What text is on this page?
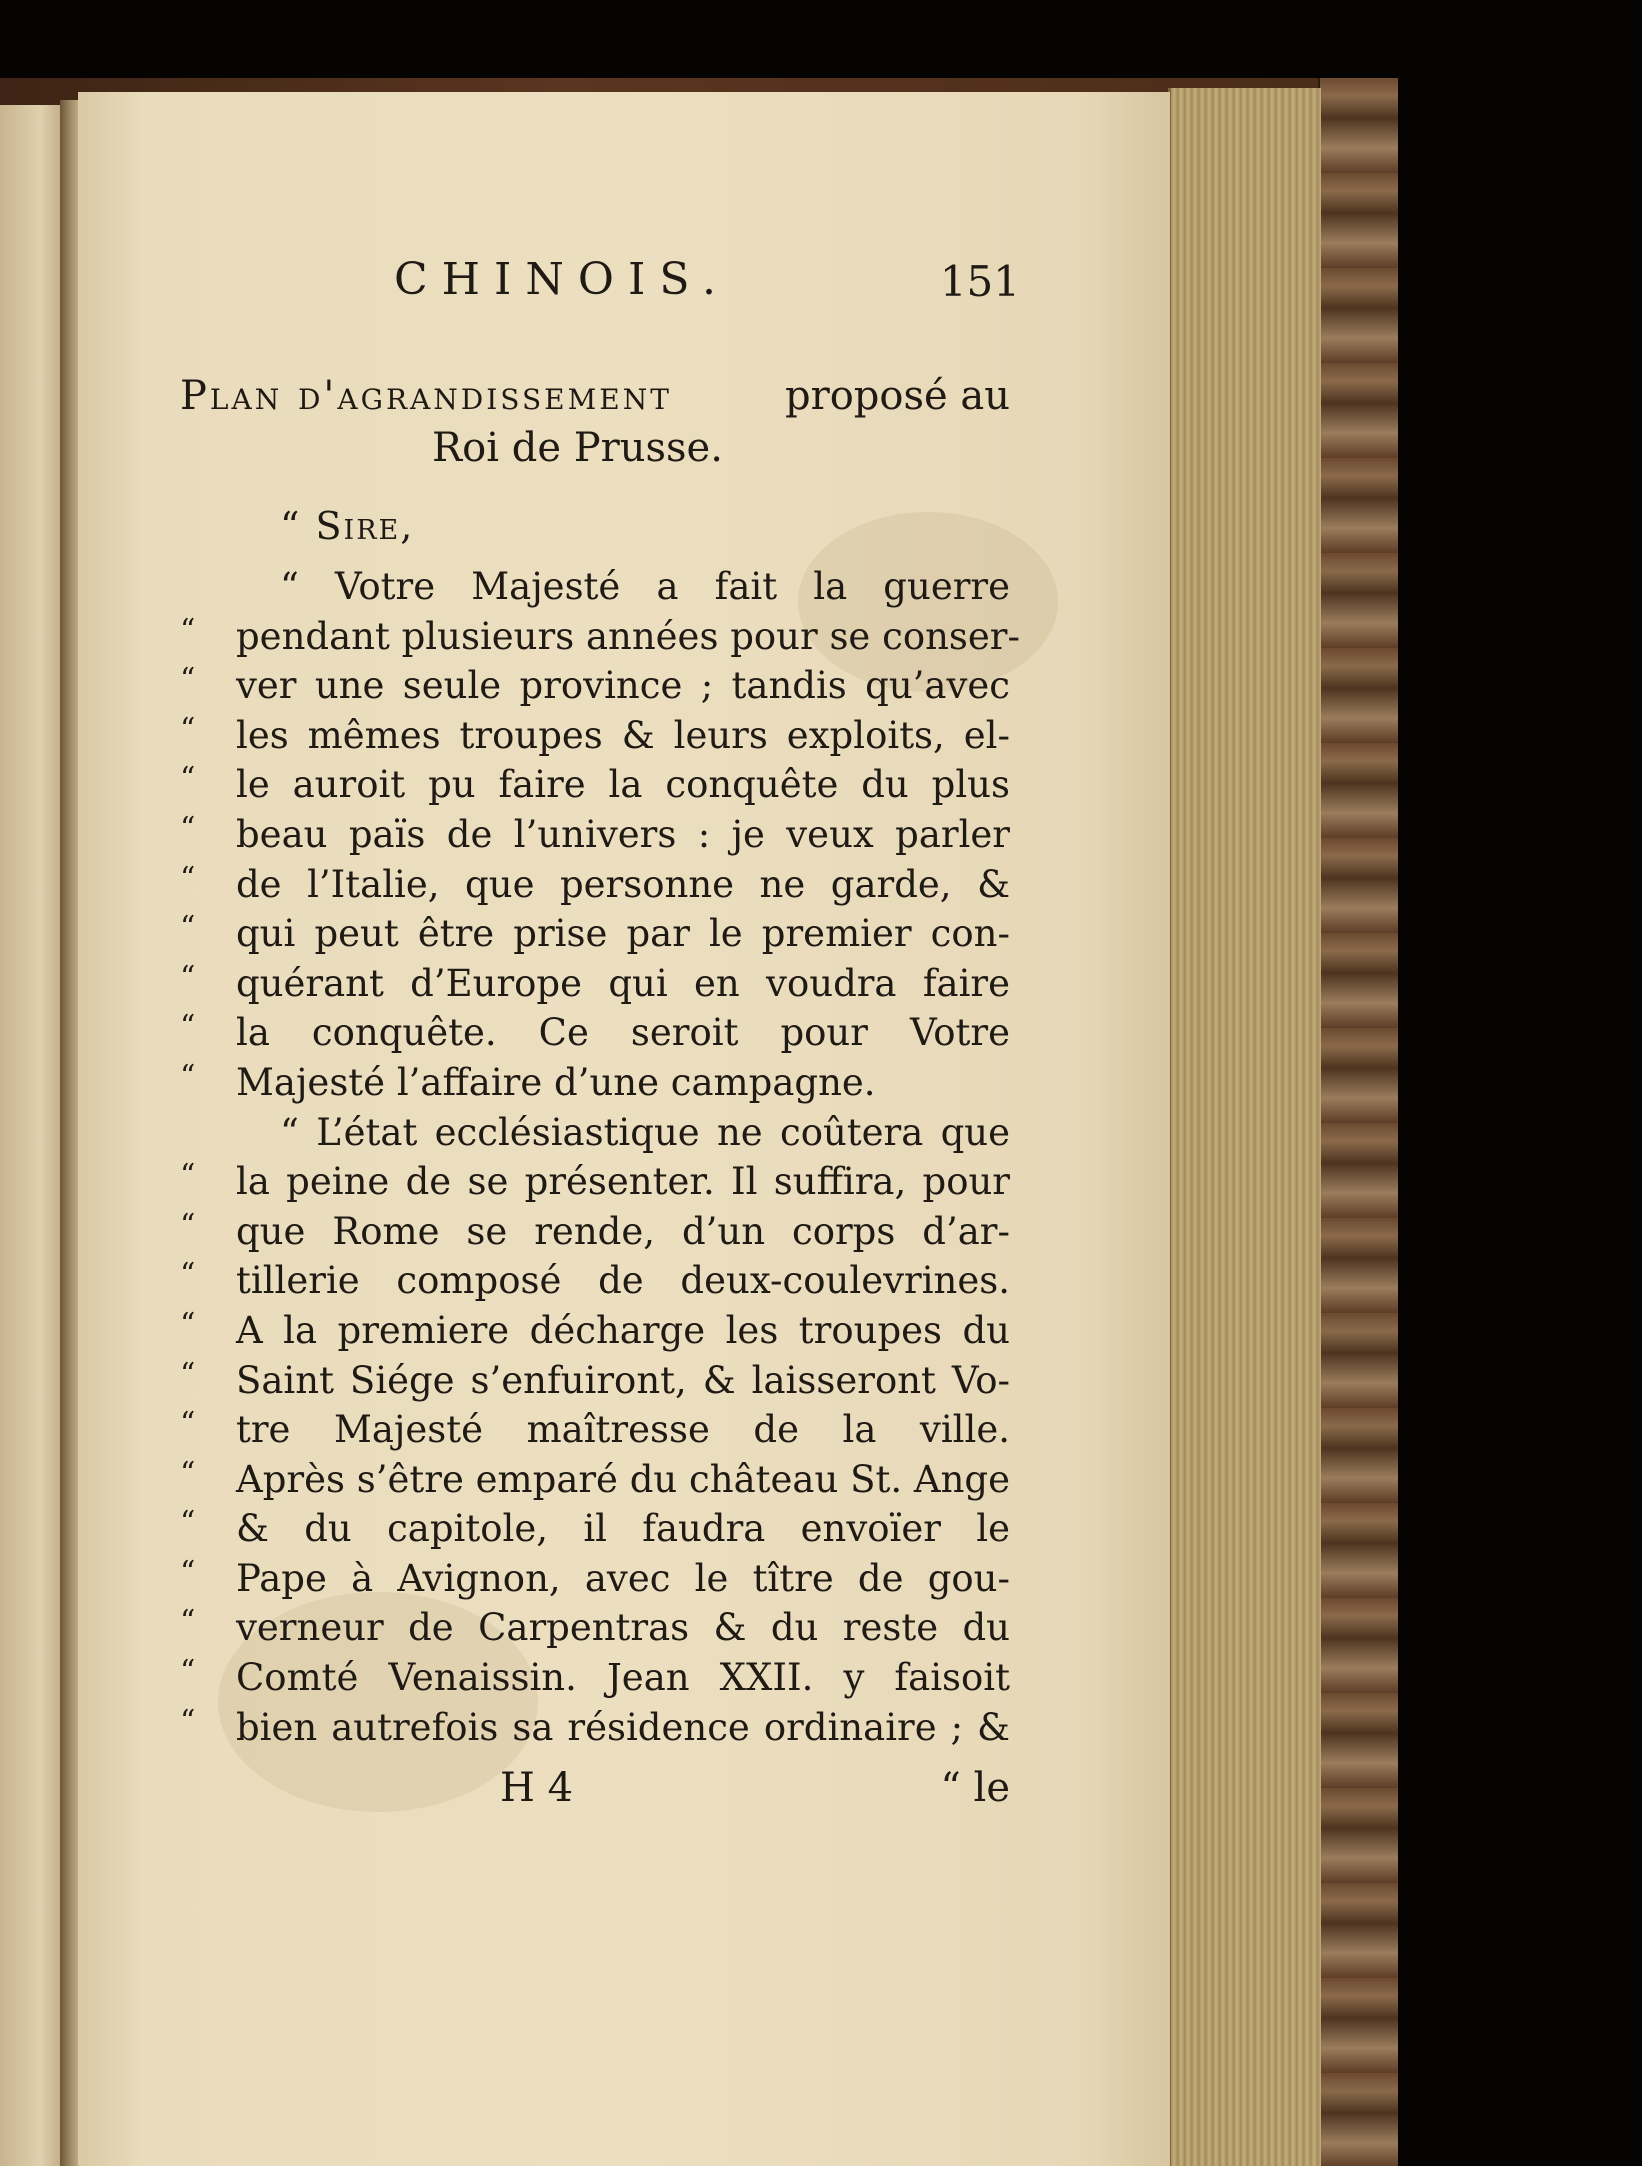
CHINOIS.	151
Plan d'agrandissement	proposé au
Roi de Prusse.
“ Sire,
“ Votre Majesté a fait la guerre
“ pendant plusieurs années pour se conser-
“ ver une seule province ; tandis qu’avec
“ les mêmes troupes & leurs exploits, el-
“ le auroit pu faire la conquête du plus
“ beau païs de l’univers : je veux parler
“ de l’Italie, que personne ne garde, &
“ qui peut être prise par le premier con-
“ quérant d’Europe qui en voudra faire
“ la conquête. Ce seroit pour Votre
“ Majesté l’affaire d’une campagne.
“ L’état ecclésiastique ne coûtera que
“ la peine de se présenter. Il suffira, pour
“ que Rome se rende, d’un corps d’ar-
“ tillerie composé de deux-coulevrines.
“ A la premiere décharge les troupes du
“ Saint Siége s’enfuiront, & laisseront Vo-
“ tre Majesté maîtresse de la ville.
“ Après s’être emparé du château St. Ange
“ & du capitole, il faudra envoïer le
“ Pape à Avignon, avec le tître de gou-
“ verneur de Carpentras & du reste du
“ Comté Venaissin. Jean XXII. y faisoit
“ bien autrefois sa résidence ordinaire ; &
H 4	“ le
